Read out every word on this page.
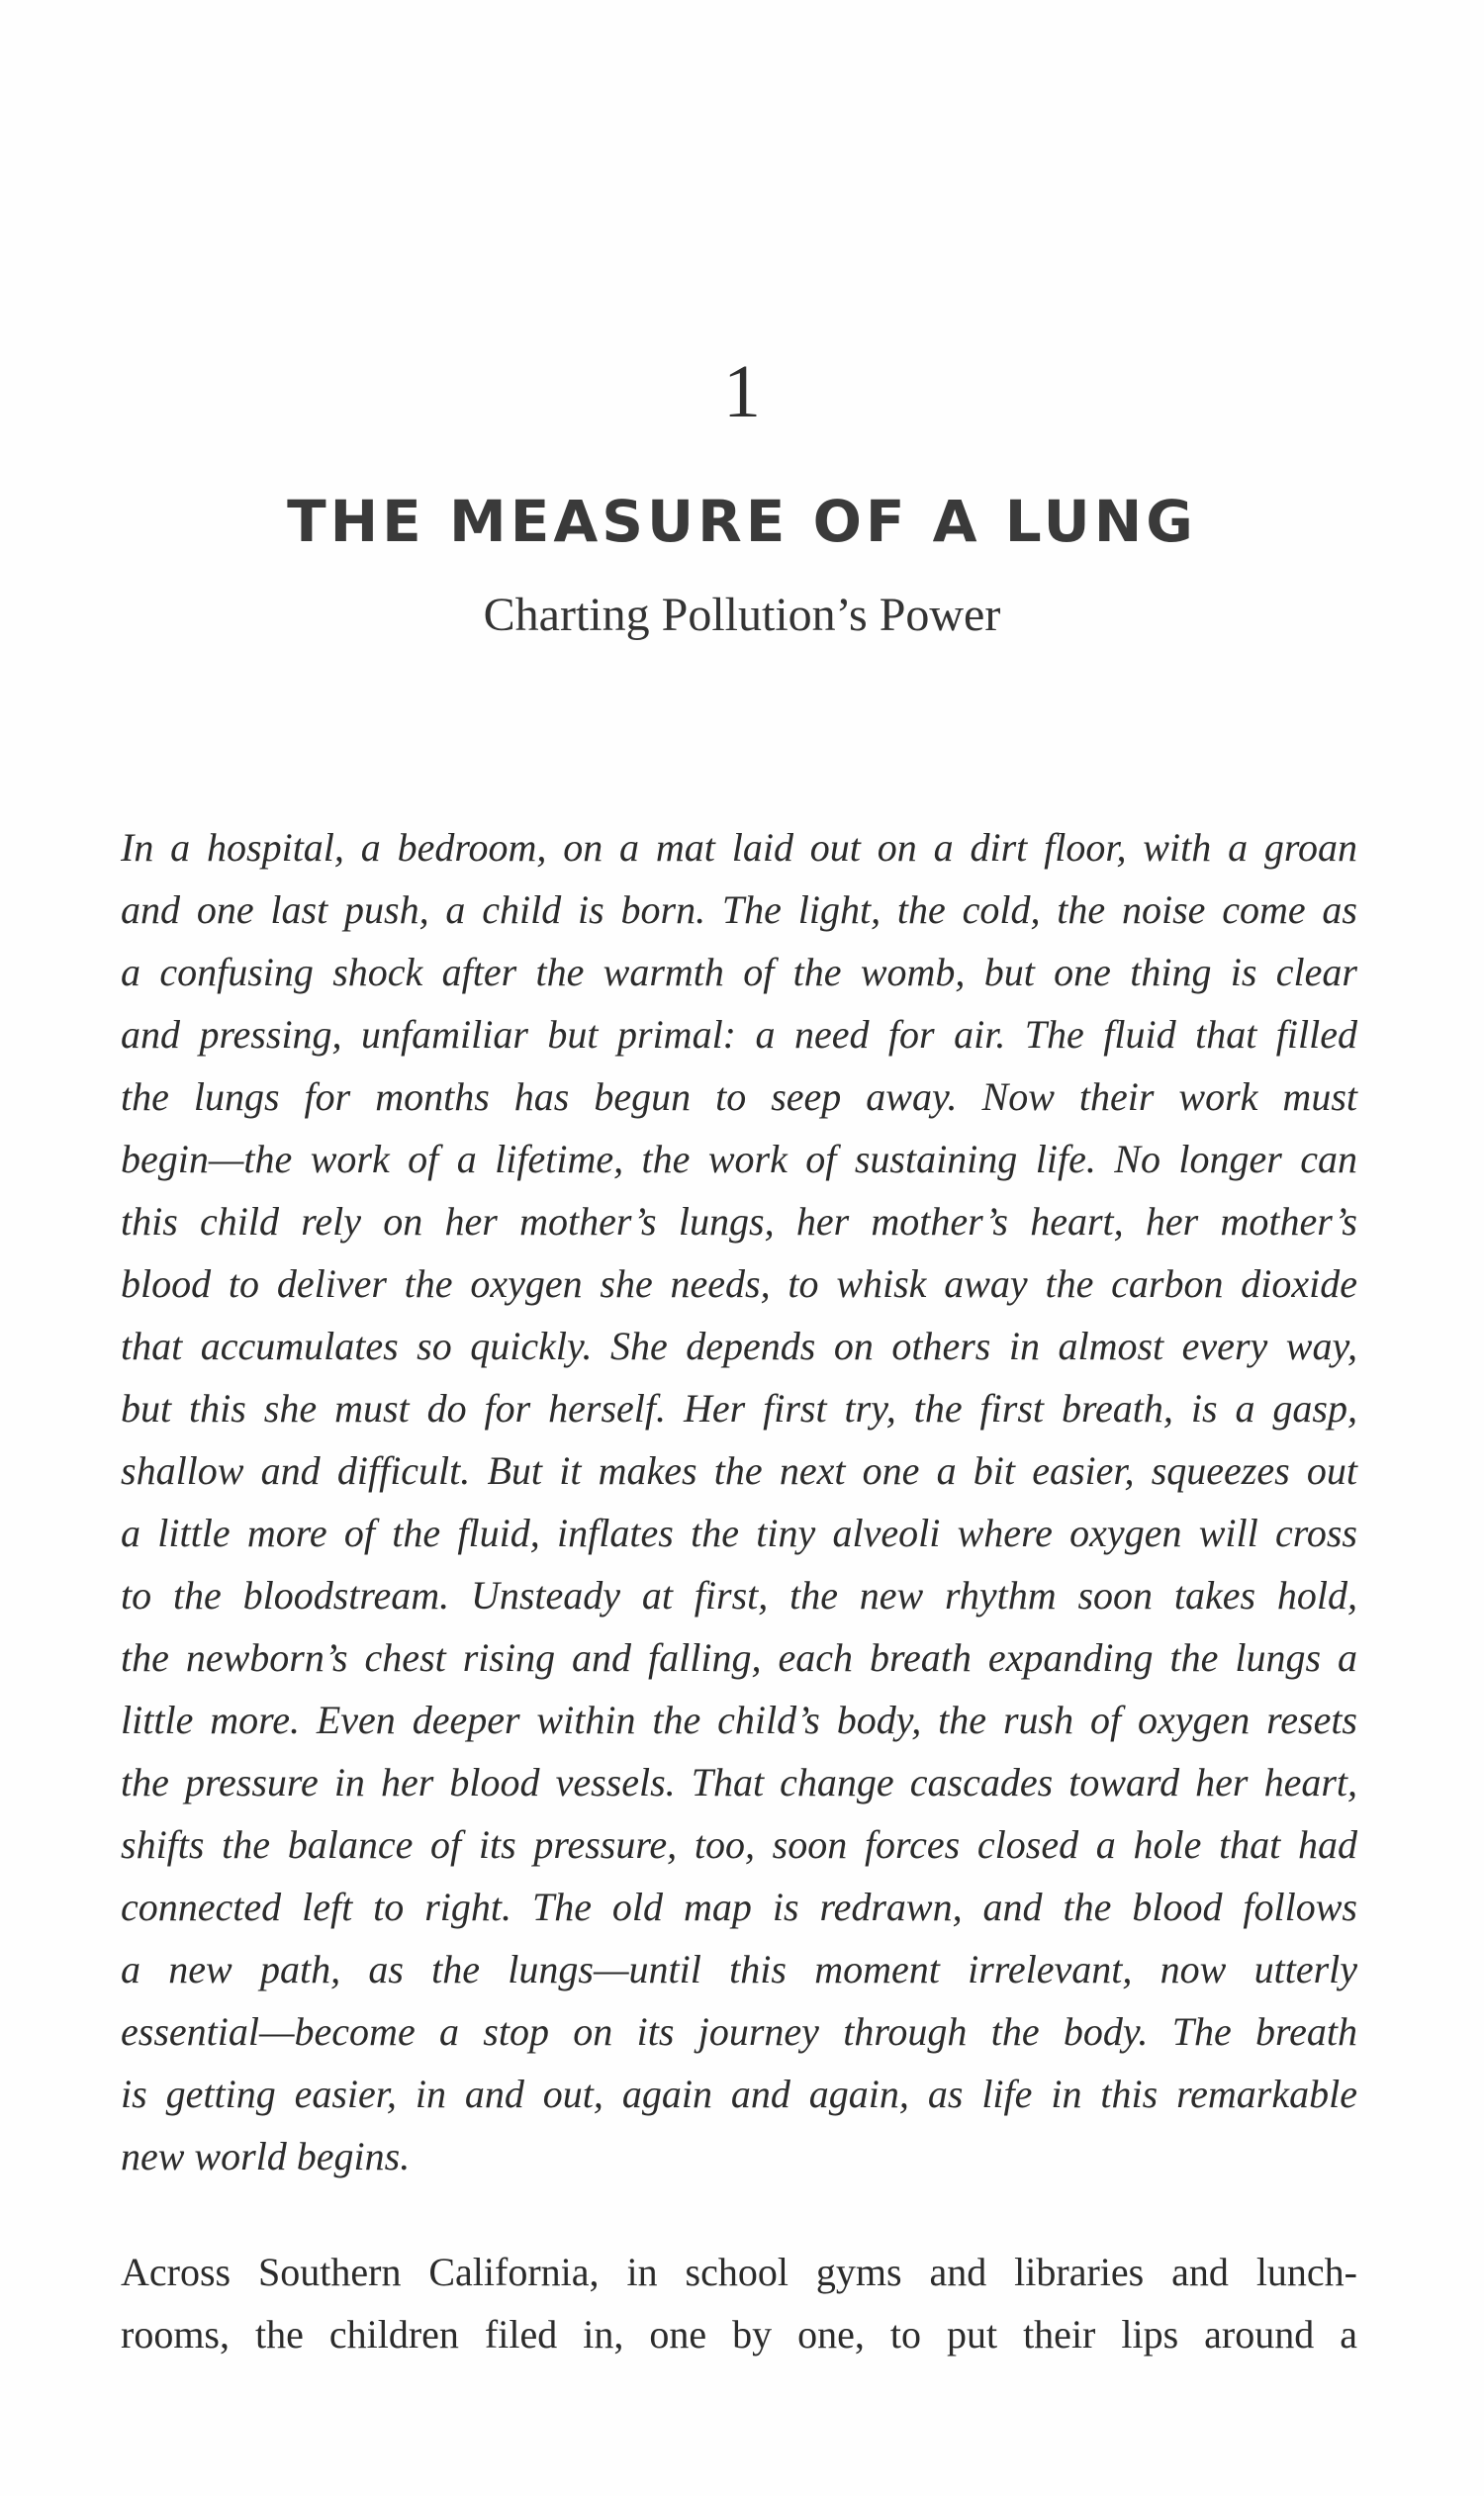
1
THE MEASURE OF A LUNG
Charting Pollution’s Power
In a hospital, a bedroom, on a mat laid out on a dirt floor, with a groan
and one last push, a child is born. The light, the cold, the noise come as
a confusing shock after the warmth of the womb, but one thing is clear
and pressing, unfamiliar but primal: a need for air. The fluid that filled
the lungs for months has begun to seep away. Now their work must
begin—the work of a lifetime, the work of sustaining life. No longer can
this child rely on her mother’s lungs, her mother’s heart, her mother’s
blood to deliver the oxygen she needs, to whisk away the carbon dioxide
that accumulates so quickly. She depends on others in almost every way,
but this she must do for herself. Her first try, the first breath, is a gasp,
shallow and difficult. But it makes the next one a bit easier, squeezes out
a little more of the fluid, inflates the tiny alveoli where oxygen will cross
to the bloodstream. Unsteady at first, the new rhythm soon takes hold,
the newborn’s chest rising and falling, each breath expanding the lungs a
little more. Even deeper within the child’s body, the rush of oxygen resets
the pressure in her blood vessels. That change cascades toward her heart,
shifts the balance of its pressure, too, soon forces closed a hole that had
connected left to right. The old map is redrawn, and the blood follows
a new path, as the lungs—until this moment irrelevant, now utterly
essential—become a stop on its journey through the body. The breath
is getting easier, in and out, again and again, as life in this remarkable
new world begins.
Across Southern California, in school gyms and libraries and lunch-
rooms, the children filed in, one by one, to put their lips around a
